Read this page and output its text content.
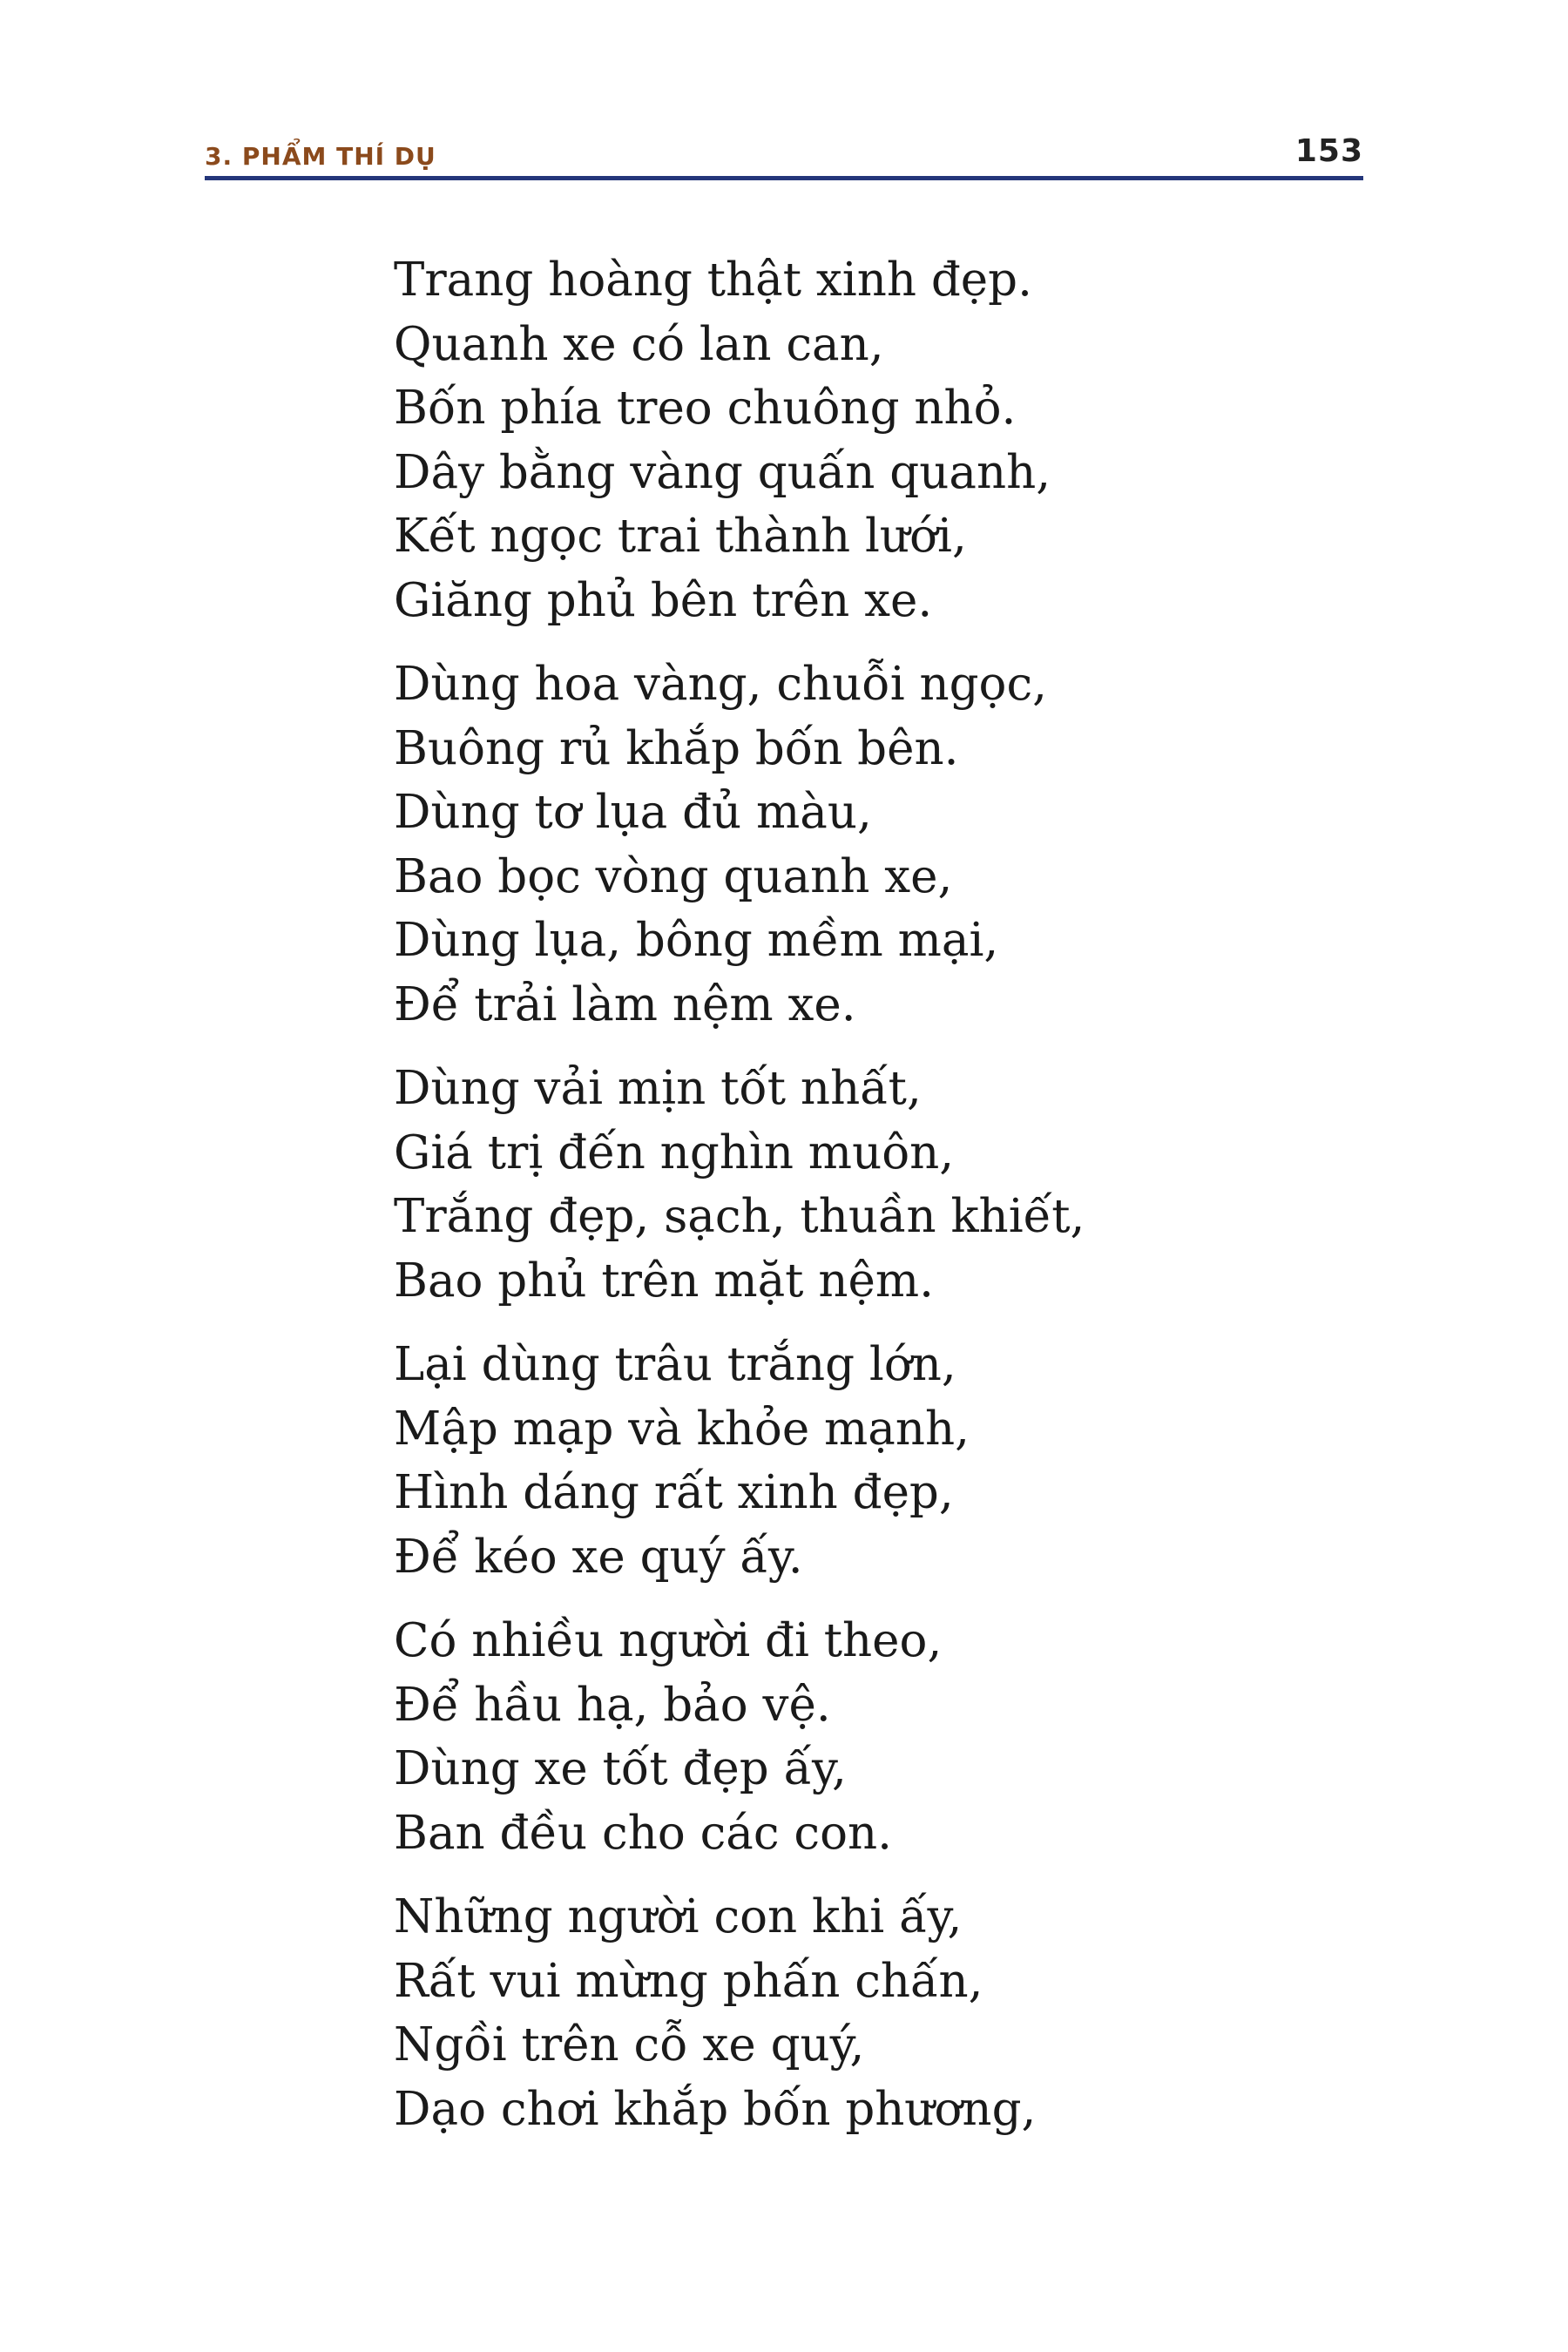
3. PHẨM THÍ DỤ	153
Trang hoàng thật xinh đẹp.
Quanh xe có lan can,
Bốn phía treo chuông nhỏ.
Dây bằng vàng quấn quanh,
Kết ngọc trai thành lưới,
Giăng phủ bên trên xe.
Dùng hoa vàng, chuỗi ngọc,
Buông rủ khắp bốn bên.
Dùng tơ lụa đủ màu,
Bao bọc vòng quanh xe,
Dùng lụa, bông mềm mại,
Để trải làm nệm xe.
Dùng vải mịn tốt nhất,
Giá trị đến nghìn muôn,
Trắng đẹp, sạch, thuần khiết,
Bao phủ trên mặt nệm.
Lại dùng trâu trắng lớn,
Mập mạp và khỏe mạnh,
Hình dáng rất xinh đẹp,
Để kéo xe quý ấy.
Có nhiều người đi theo,
Để hầu hạ, bảo vệ.
Dùng xe tốt đẹp ấy,
Ban đều cho các con.
Những người con khi ấy,
Rất vui mừng phấn chấn,
Ngồi trên cỗ xe quý,
Dạo chơi khắp bốn phương,
